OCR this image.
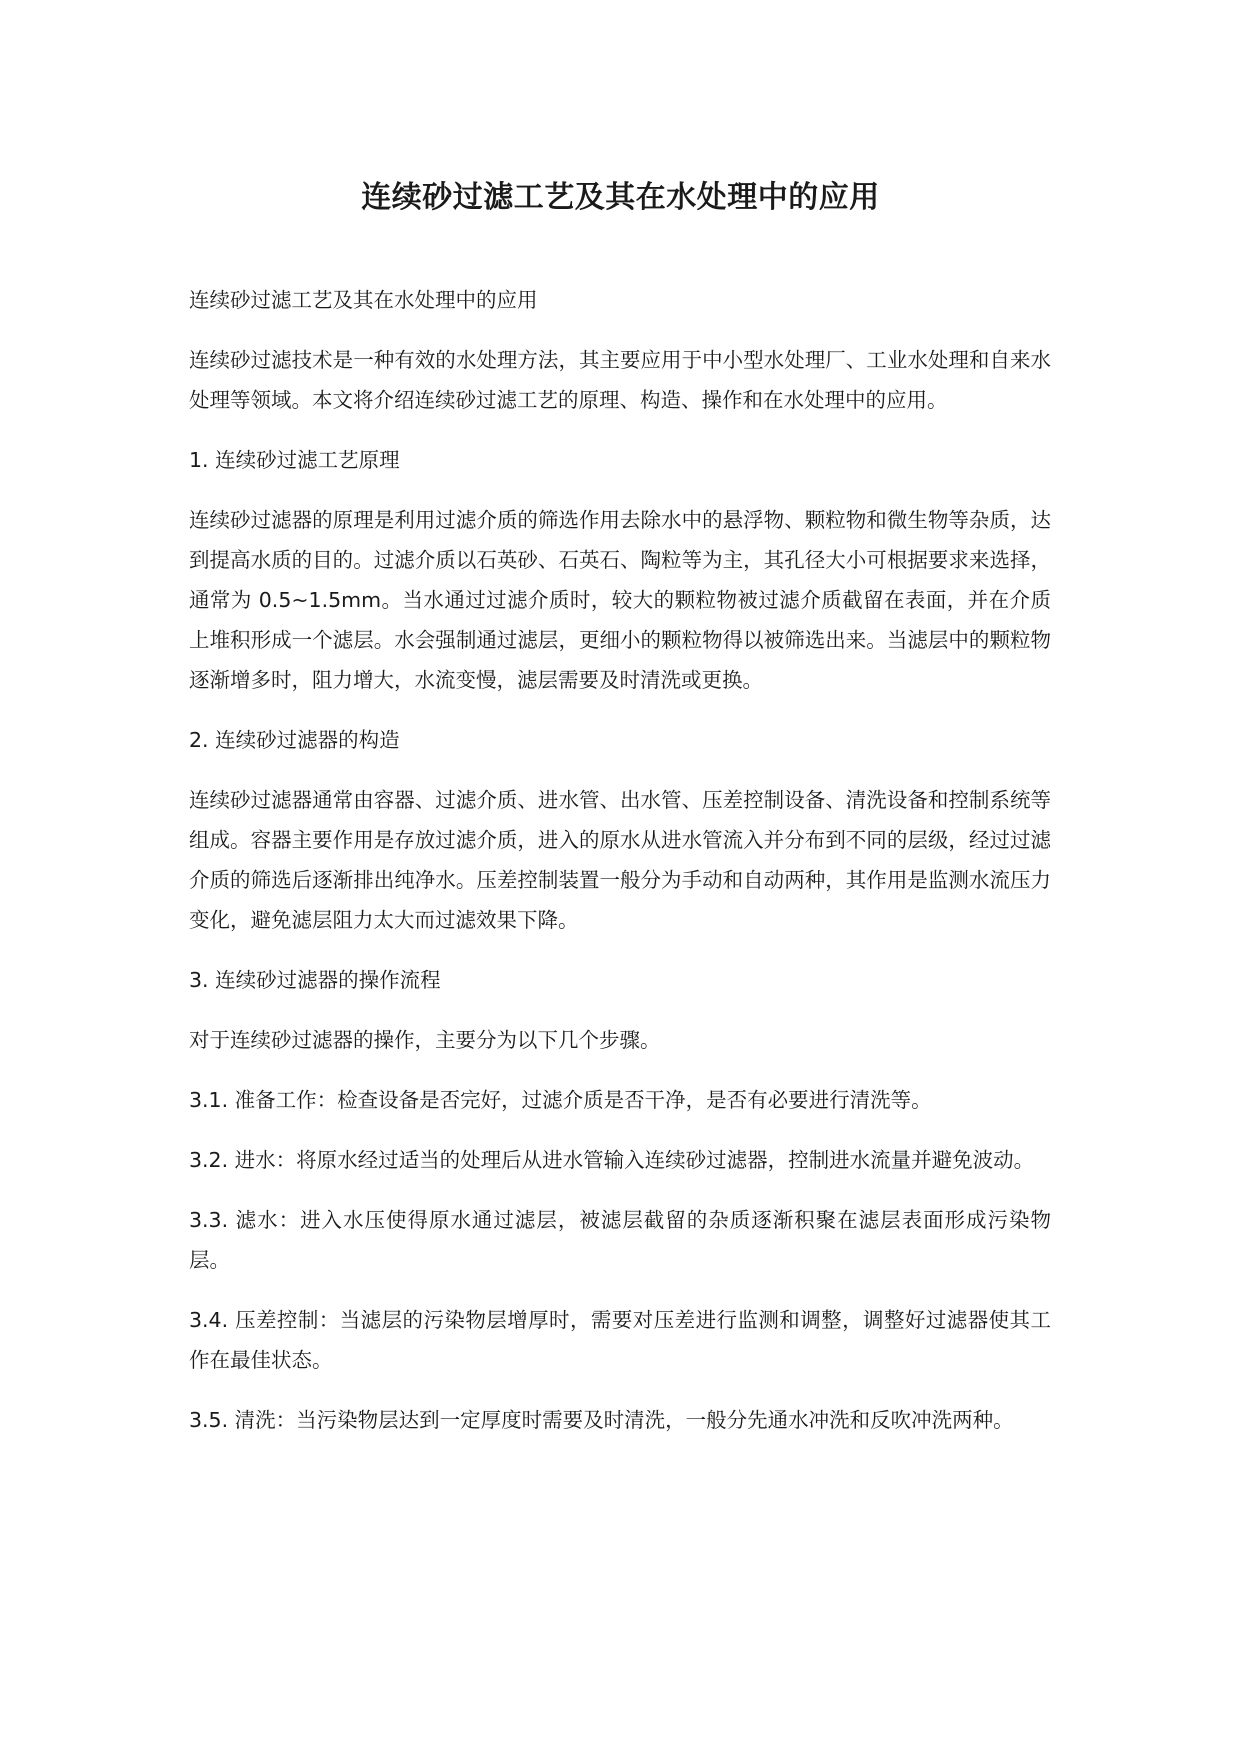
连续砂过滤工艺及其在水处理中的应用

连续砂过滤工艺及其在水处理中的应用

连续砂过滤技术是一种有效的水处理方法，其主要应用于中小型水处理厂、工业水处理和自来水处理等领域。本文将介绍连续砂过滤工艺的原理、构造、操作和在水处理中的应用。

1. 连续砂过滤工艺原理

连续砂过滤器的原理是利用过滤介质的筛选作用去除水中的悬浮物、颗粒物和微生物等杂质，达到提高水质的目的。过滤介质以石英砂、石英石、陶粒等为主，其孔径大小可根据要求来选择，通常为 0.5~1.5mm。当水通过过滤介质时，较大的颗粒物被过滤介质截留在表面，并在介质上堆积形成一个滤层。水会强制通过滤层，更细小的颗粒物得以被筛选出来。当滤层中的颗粒物逐渐增多时，阻力增大，水流变慢，滤层需要及时清洗或更换。

2. 连续砂过滤器的构造

连续砂过滤器通常由容器、过滤介质、进水管、出水管、压差控制设备、清洗设备和控制系统等组成。容器主要作用是存放过滤介质，进入的原水从进水管流入并分布到不同的层级，经过过滤介质的筛选后逐渐排出纯净水。压差控制装置一般分为手动和自动两种，其作用是监测水流压力变化，避免滤层阻力太大而过滤效果下降。

3. 连续砂过滤器的操作流程

对于连续砂过滤器的操作，主要分为以下几个步骤。

3.1. 准备工作：检查设备是否完好，过滤介质是否干净，是否有必要进行清洗等。

3.2. 进水：将原水经过适当的处理后从进水管输入连续砂过滤器，控制进水流量并避免波动。

3.3. 滤水：进入水压使得原水通过滤层，被滤层截留的杂质逐渐积聚在滤层表面形成污染物层。

3.4. 压差控制：当滤层的污染物层增厚时，需要对压差进行监测和调整，调整好过滤器使其工作在最佳状态。

3.5. 清洗：当污染物层达到一定厚度时需要及时清洗，一般分先通水冲洗和反吹冲洗两种。
